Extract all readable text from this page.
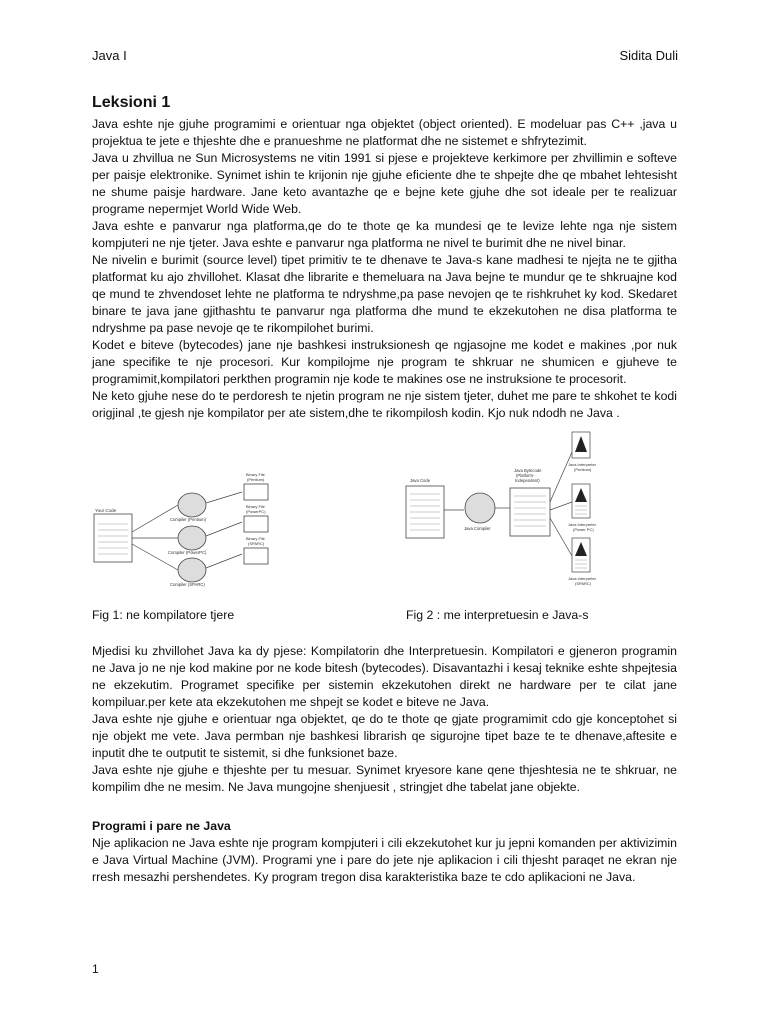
Java I	Sidita Duli
Leksioni 1

Java eshte nje gjuhe programimi e orientuar nga objektet (object oriented). E modeluar pas C++ ,java u projektua te jete e thjeshte dhe e pranueshme ne platformat dhe ne sistemet e shfrytezimit.

Java u zhvillua ne Sun Microsystems ne vitin 1991 si pjese e projekteve kerkimore per zhvillimin e softeve per paisje elektronike. Synimet ishin te krijonin nje gjuhe eficiente dhe te shpejte dhe qe mbahet lehtesisht ne shume paisje hardware. Jane keto avantazhe qe e bejne kete gjuhe dhe sot ideale per te realizuar programe nepermjet World Wide Web.

Java eshte e panvarur nga platforma,qe do te thote qe ka mundesi qe te levize lehte nga nje sistem kompjuteri ne nje tjeter. Java eshte e panvarur nga platforma ne nivel te burimit dhe ne nivel binar.

Ne nivelin e burimit (source level) tipet primitiv te te dhenave te Java-s kane madhesi te njejta ne te gjitha platformat ku ajo zhvillohet. Klasat dhe librarite e themeluara na Java bejne te mundur qe te shkruajne kod qe mund te zhvendoset lehte ne platforma te ndryshme,pa pase nevojen qe te rishkruhet ky kod. Skedaret binare te java jane gjithashtu te panvarur nga platforma dhe mund te ekzekutohen ne disa platforma te ndryshme pa pase nevoje qe te rikompilohet burimi.

Kodet e biteve (bytecodes) jane nje bashkesi instruksionesh qe ngjasojne me kodet e makines ,por nuk jane specifike te nje procesori. Kur kompilojme nje program te shkruar ne shumicen e gjuheve te programimit,kompilatori perkthen programin nje kode te makines ose ne instruksione te procesorit.

Ne keto gjuhe nese do te perdoresh te njetin program ne nje sistem tjeter, duhet me pare te shkohet te kodi origjinal ,te gjesh nje kompilator per ate sistem,dhe te rikompilosh kodin. Kjo nuk ndodh ne Java .

Your Code
Compiler (Pentium)
Compiler (PowerPC)
Compiler (SPARC)
Binary File
(Pentium)
Binary File
(PowerPC)
Binary File
(SPARC)
Java Code
Java Compiler
Java Bytecode
(Platform-
Independent)
Java Interpreter
(Pentium)
Java Interpreter
(Power PC)
Java Interpreter
(SPARC)
Fig 1: ne kompilatore tjere	Fig 2 : me interpretuesin e Java-s

Mjedisi ku zhvillohet Java ka dy pjese: Kompilatorin dhe Interpretuesin. Kompilatori e gjeneron programin ne Java jo ne nje kod makine por ne kode bitesh (bytecodes). Disavantazhi i kesaj teknike eshte shpejtesia ne ekzekutim. Programet specifike per sistemin ekzekutohen direkt ne hardware per te cilat jane kompiluar.per kete ata ekzekutohen me shpejt se kodet e biteve ne Java.

Java eshte nje gjuhe e orientuar nga objektet, qe do te thote qe gjate programimit cdo gje konceptohet si nje objekt me vete. Java permban nje bashkesi librarish qe sigurojne tipet baze te te dhenave,aftesite e inputit dhe te outputit te sistemit, si dhe funksionet baze.

Java eshte nje gjuhe e thjeshte per tu mesuar. Synimet kryesore kane qene thjeshtesia ne te shkruar, ne kompilim dhe ne mesim. Ne Java mungojne shenjuesit , stringjet dhe tabelat jane objekte.

Programi i pare ne Java

Nje aplikacion ne Java eshte nje program kompjuteri i cili ekzekutohet kur ju jepni komanden per aktivizimin e Java Virtual Machine (JVM). Programi yne i pare do jete nje aplikacion i cili thjesht paraqet ne ekran nje rresh mesazhi pershendetes. Ky program tregon disa karakteristika baze te cdo aplikacioni ne Java.

1
